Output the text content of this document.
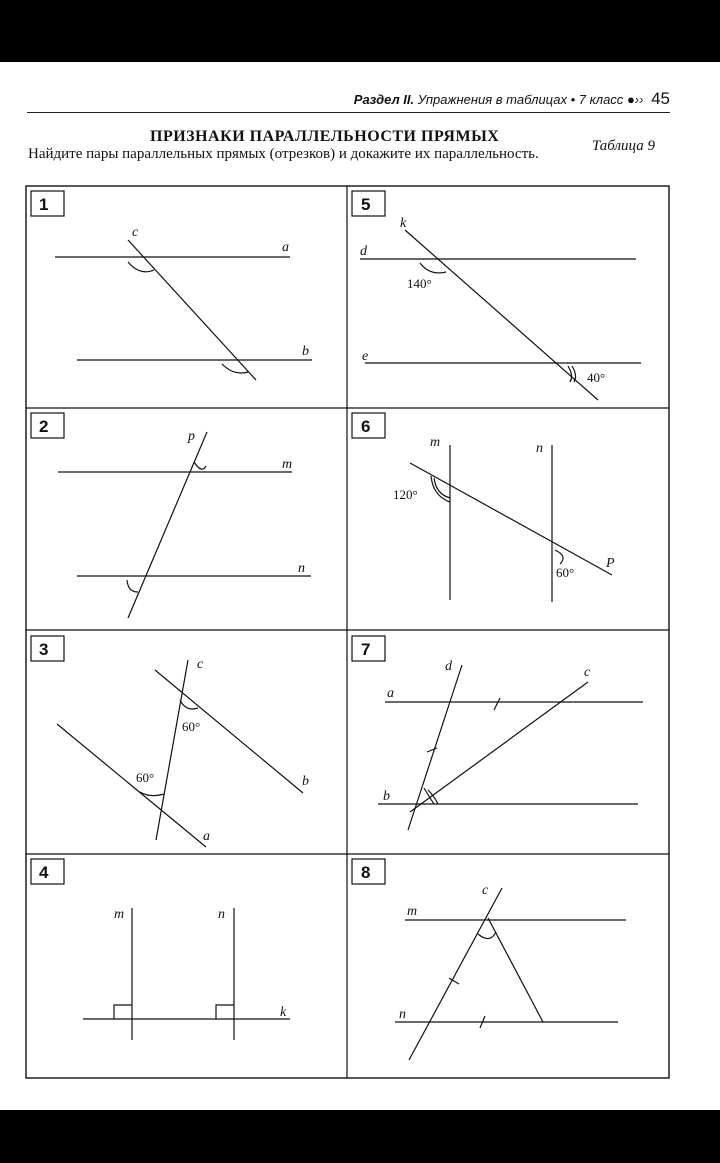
Раздел II. Упражнения в таблицах • 7 класс ●›› 45
ПРИЗНАКИ ПАРАЛЛЕЛЬНОСТИ ПРЯМЫХ
Таблица 9
Найдите пары параллельных прямых (отрезков) и докажите их параллельность.
1	5
2	6
3	7
4	8
c
a
b
k
d
e
140°
40°
p
m
n
m	n
P
120°
60°
c
b
a
60°
60°
d	c
a
b
m	n
k
c
m
n
